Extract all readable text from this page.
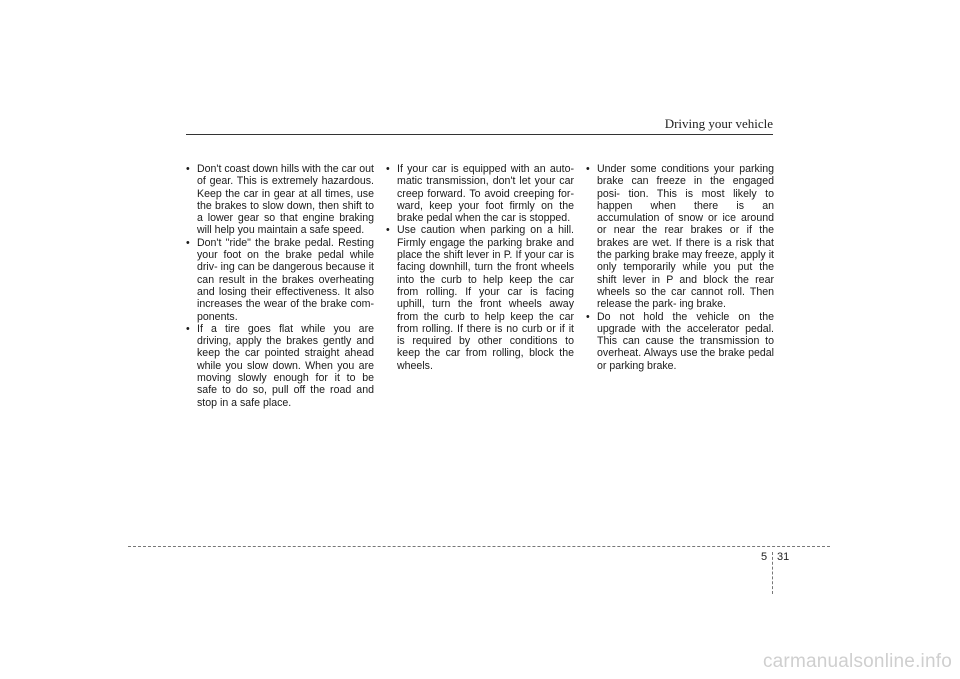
Driving your vehicle
• Don't coast down hills with the car out of gear. This is extremely hazardous. Keep the car in gear at all times, use the brakes to slow down, then shift to a lower gear so that engine braking will help you maintain a safe speed.
• Don't "ride" the brake pedal. Resting your foot on the brake pedal while driv- ing can be dangerous because it can result in the brakes overheating and losing their effectiveness. It also increases the wear of the brake com- ponents.
• If a tire goes flat while you are driving, apply the brakes gently and keep the car pointed straight ahead while you slow down. When you are moving slowly enough for it to be safe to do so, pull off the road and stop in a safe place.
• If your car is equipped with an auto- matic transmission, don't let your car creep forward. To avoid creeping for- ward, keep your foot firmly on the brake pedal when the car is stopped.
• Use caution when parking on a hill. Firmly engage the parking brake and place the shift lever in P. If your car is facing downhill, turn the front wheels into the curb to help keep the car from rolling. If your car is facing uphill, turn the front wheels away from the curb to help keep the car from rolling. If there is no curb or if it is required by other conditions to keep the car from rolling, block the wheels.
• Under some conditions your parking brake can freeze in the engaged posi- tion. This is most likely to happen when there is an accumulation of snow or ice around or near the rear brakes or if the brakes are wet. If there is a risk that the parking brake may freeze, apply it only temporarily while you put the shift lever in P and block the rear wheels so the car cannot roll. Then release the park- ing brake.
• Do not hold the vehicle on the upgrade with the accelerator pedal. This can cause the transmission to overheat. Always use the brake pedal or parking brake.
5 31
carmanualsonline.info
